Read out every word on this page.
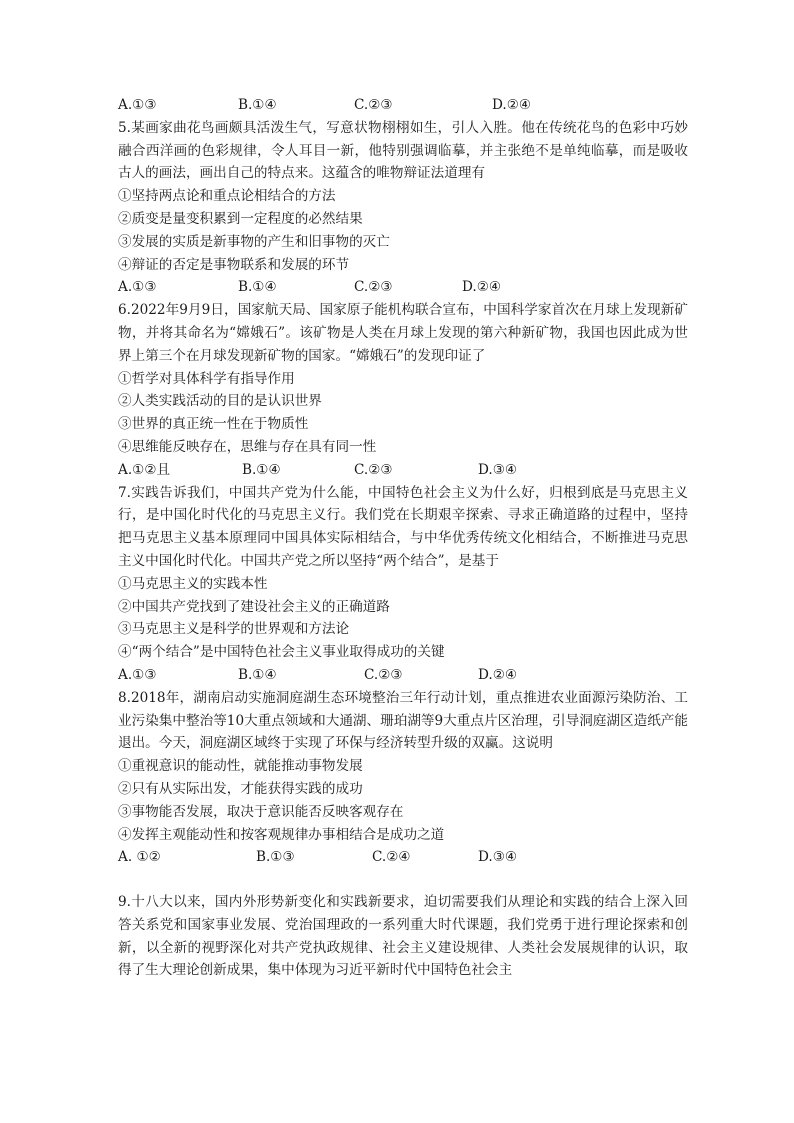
A.①③	B.①④	C.②③	D.②④
5.某画家曲花鸟画颇具活泼生气，写意状物栩栩如生，引人入胜。他在传统花鸟的色彩中巧妙融合西洋画的色彩规律，令人耳目一新，他特别强调临摹，并主张绝不是单纯临摹，而是吸收古人的画法，画出自己的特点来。这蕴含的唯物辩证法道理有
①坚持两点论和重点论相结合的方法
②质变是量变积累到一定程度的必然结果
③发展的实质是新事物的产生和旧事物的灭亡
④辩证的否定是事物联系和发展的环节
A.①③	B.①④	C.②③	D.②④
6.2022年9月9日，国家航天局、国家原子能机构联合宣布，中国科学家首次在月球上发现新矿物，并将其命名为“嫦娥石”。该矿物是人类在月球上发现的第六种新矿物，我国也因此成为世界上第三个在月球发现新矿物的国家。“嫦娥石”的发现印证了
①哲学对具体科学有指导作用
②人类实践活动的目的是认识世界
③世界的真正统一性在于物质性
④思维能反映存在，思维与存在具有同一性
A.①②且	B.①④	C.②③	D.③④
7.实践告诉我们，中国共产党为什么能，中国特色社会主义为什么好，归根到底是马克思主义行，是中国化时代化的马克思主义行。我们党在长期艰辛探索、寻求正确道路的过程中，坚持把马克思主义基本原理同中国具体实际相结合，与中华优秀传统文化相结合，不断推进马克思主义中国化时代化。中国共产党之所以坚持“两个结合”，是基于
①马克思主义的实践本性
②中国共产党找到了建设社会主义的正确道路
③马克思主义是科学的世界观和方法论
④“两个结合”是中国特色社会主义事业取得成功的关键
A.①③	B.①④	C.②③	D.②④
8.2018年，湖南启动实施洞庭湖生态环境整治三年行动计划，重点推进农业面源污染防治、工业污染集中整治等10大重点领域和大通湖、珊珀湖等9大重点片区治理，引导洞庭湖区造纸产能退出。今天，洞庭湖区域终于实现了环保与经济转型升级的双赢。这说明
①重视意识的能动性，就能推动事物发展
②只有从实际出发，才能获得实践的成功
③事物能否发展，取决于意识能否反映客观存在
④发挥主观能动性和按客观规律办事相结合是成功之道
A. ①②	B.①③	C.②④	D.③④
9.十八大以来，国内外形势新变化和实践新要求，迫切需要我们从理论和实践的结合上深入回答关系党和国家事业发展、党治国理政的一系列重大时代课题，我们党勇于进行理论探索和创新，以全新的视野深化对共产党执政规律、社会主义建设规律、人类社会发展规律的认识，取得了生大理论创新成果，集中体现为习近平新时代中国特色社会主
